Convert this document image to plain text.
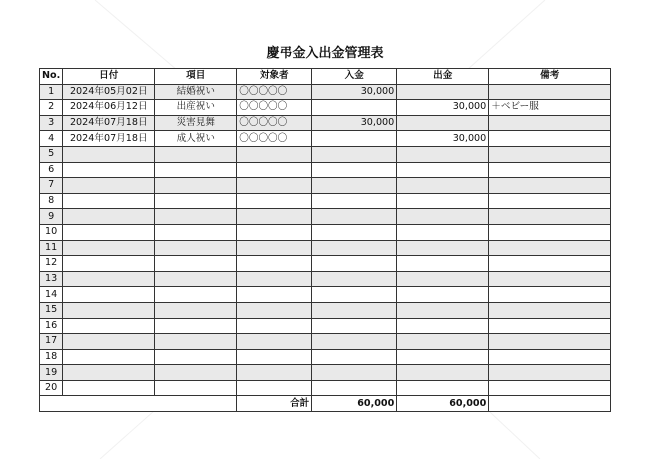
慶弔金入出金管理表
No.	日付	項目	対象者	入金	出金	備考
1	2024年05月02日	結婚祝い	〇〇〇〇〇	30,000		
2	2024年06月12日	出産祝い	〇〇〇〇〇		30,000	＋ベビー服
3	2024年07月18日	災害見舞	〇〇〇〇〇	30,000		
4	2024年07月18日	成人祝い	〇〇〇〇〇		30,000	
5						
6						
7						
8						
9						
10						
11						
12						
13						
14						
15						
16						
17						
18						
19						
20						
			合計	60,000	60,000	
